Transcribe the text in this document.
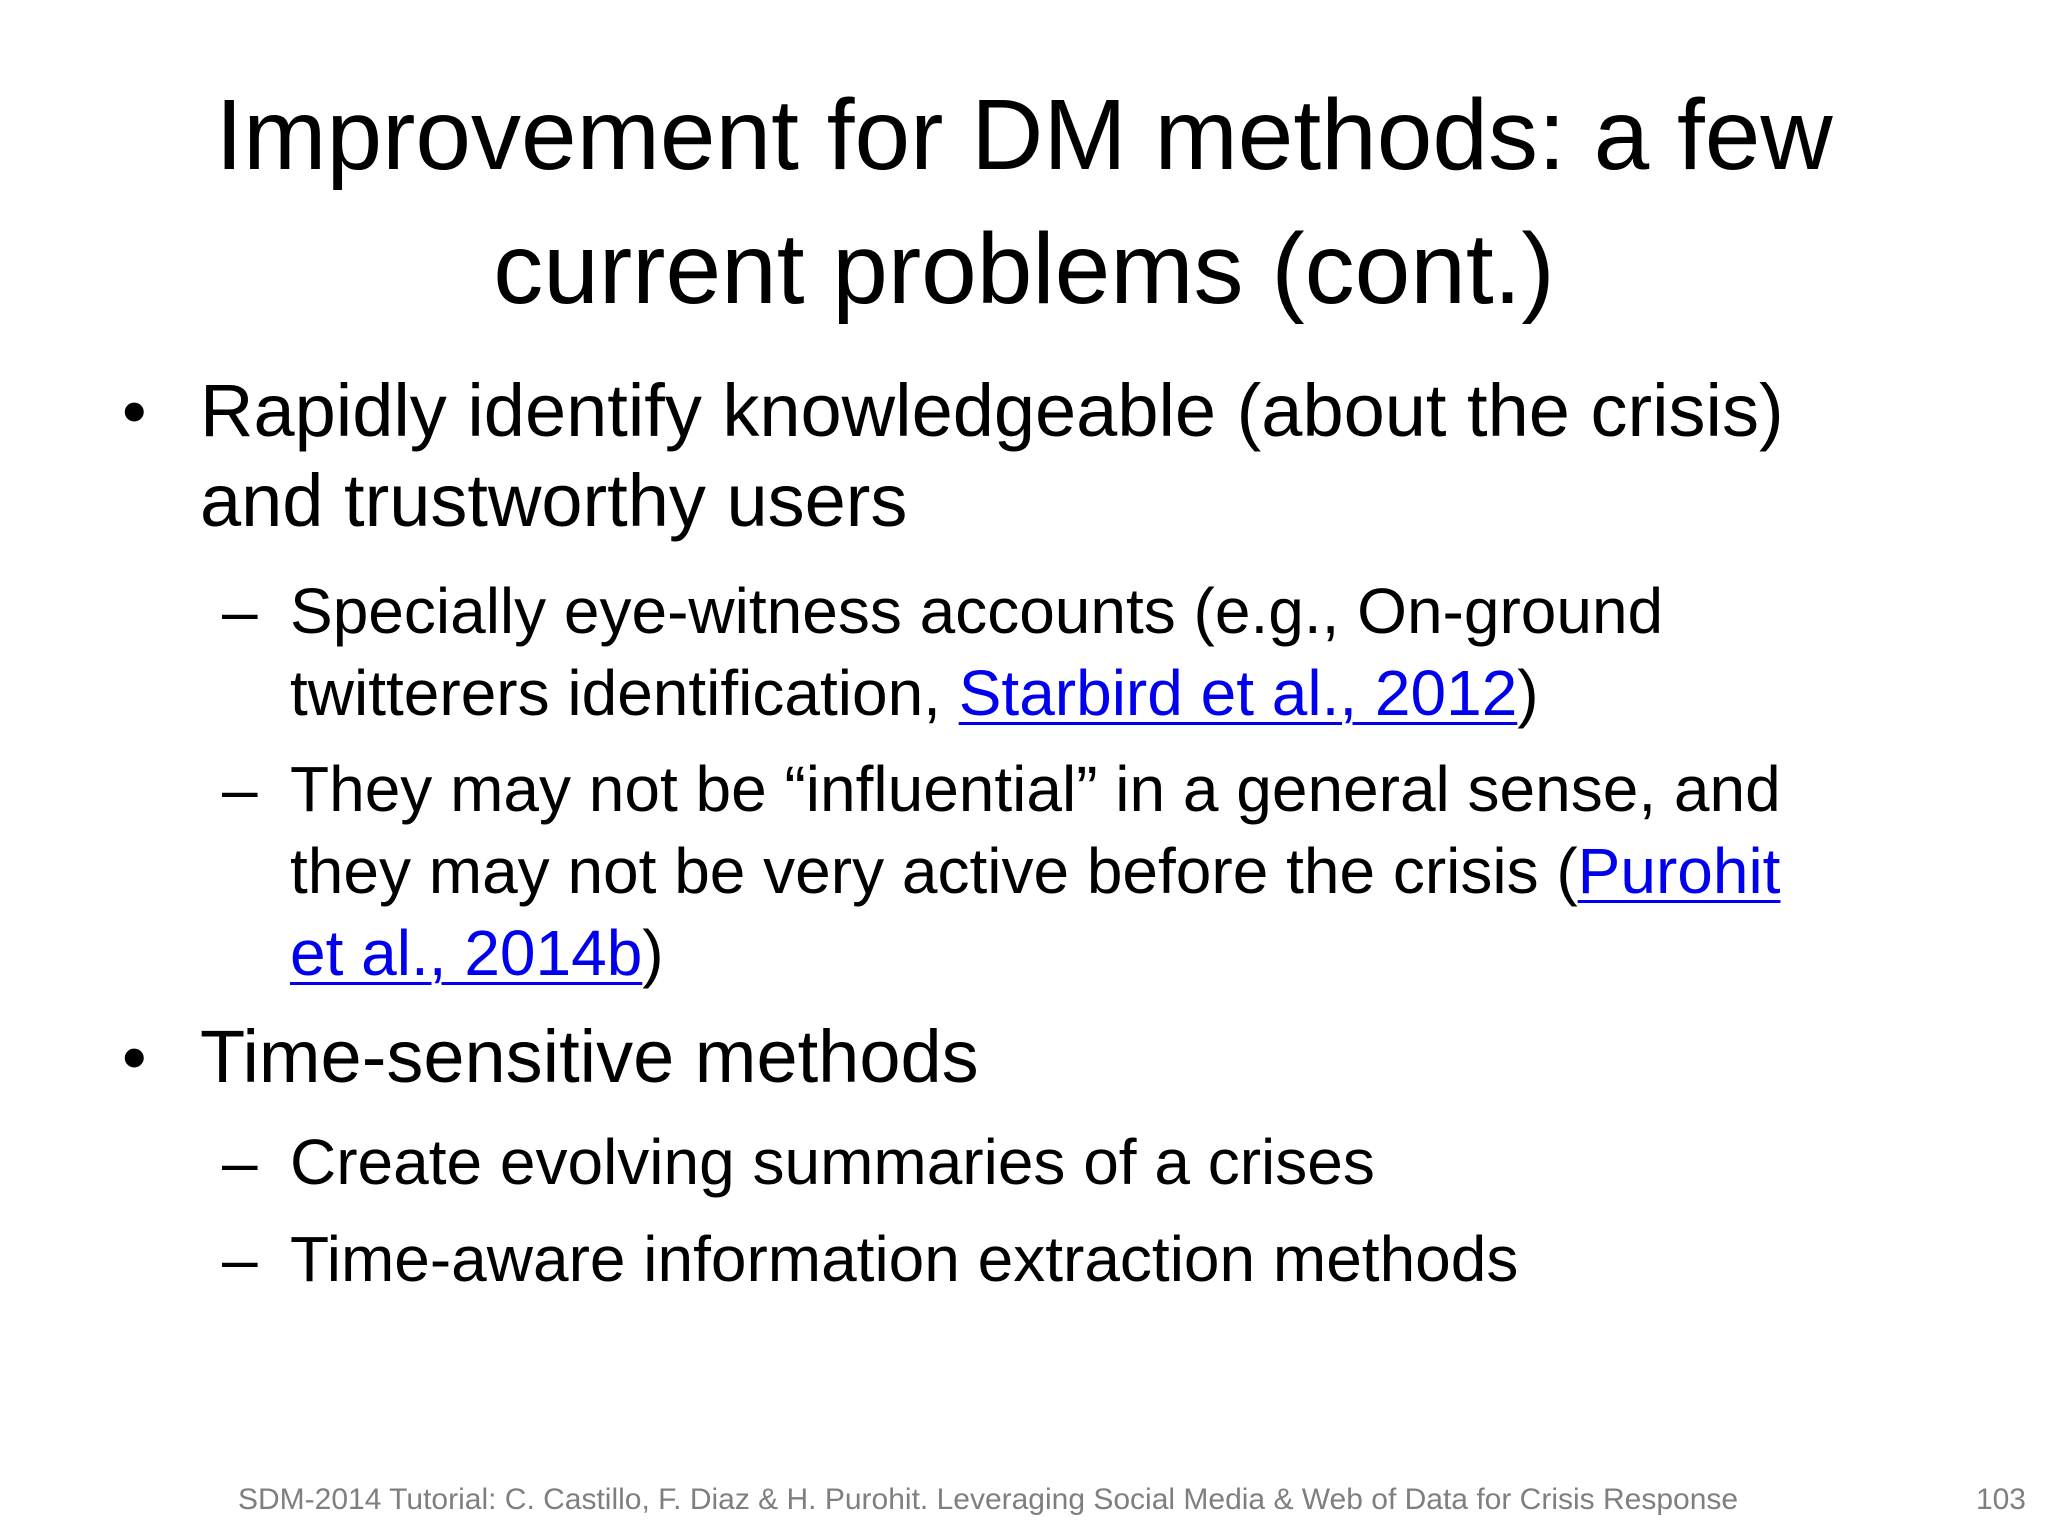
Improvement for DM methods: a few
current problems (cont.)
• Rapidly identify knowledgeable (about the crisis)
and trustworthy users
– Specially eye-witness accounts (e.g., On-ground
twitterers identification, Starbird et al., 2012)
– They may not be “influential” in a general sense, and
they may not be very active before the crisis (Purohit
et al., 2014b)
• Time-sensitive methods
– Create evolving summaries of a crises
– Time-aware information extraction methods
SDM-2014 Tutorial: C. Castillo, F. Diaz & H. Purohit. Leveraging Social Media & Web of Data for Crisis Response	103
